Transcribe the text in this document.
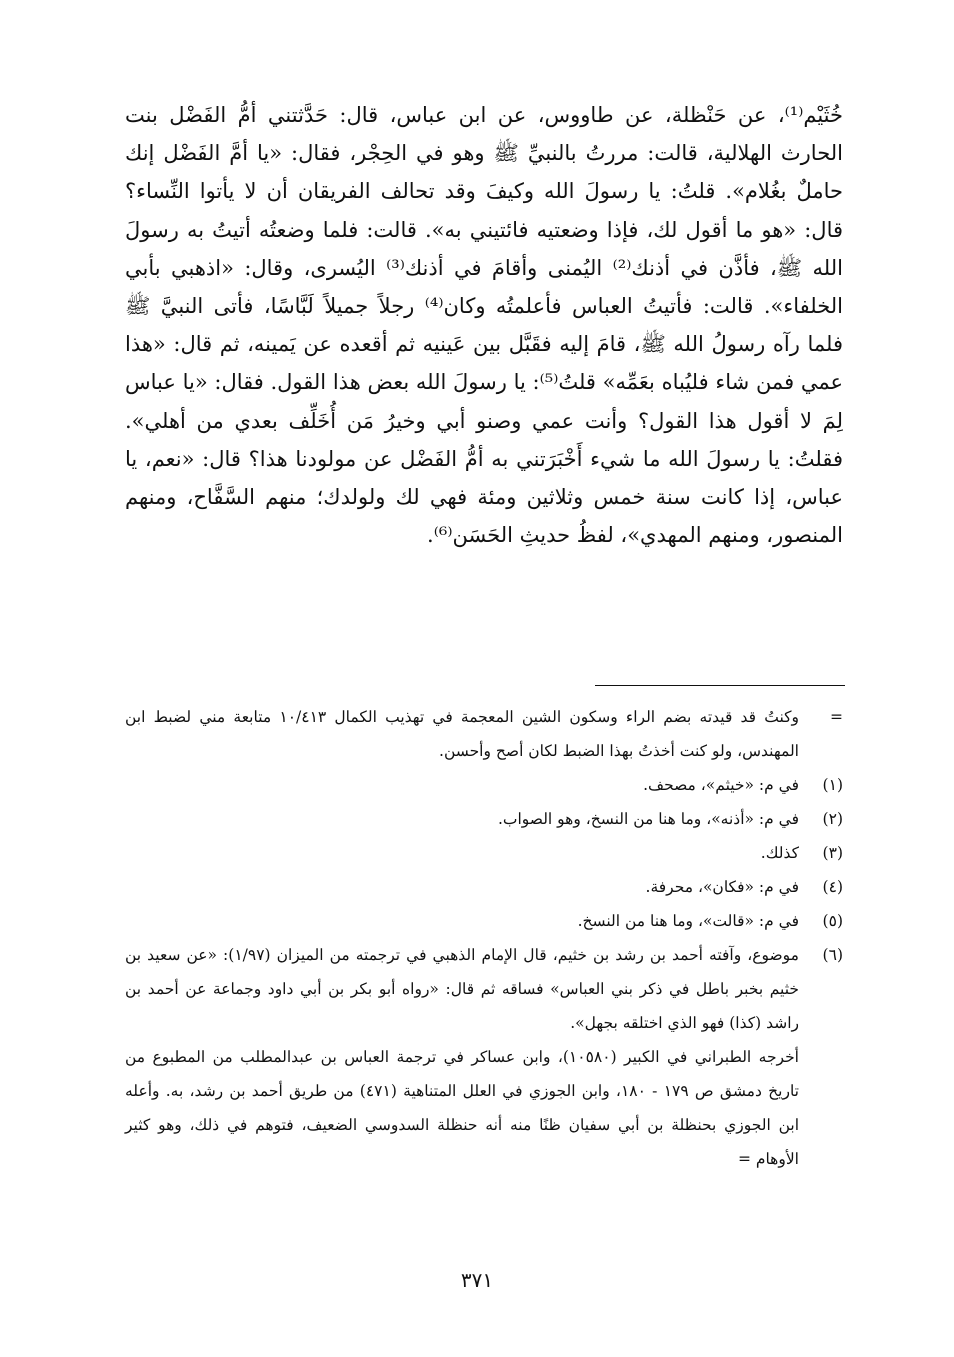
خُثَيْم⁽¹⁾، عن حَنْظلة، عن طاووس، عن ابن عباس، قال: حَدَّثتني أمُّ الفَضْل بنت الحارث الهلالية، قالت: مررتُ بالنبيِّ ﷺ وهو في الحِجْر، فقال: «يا أمَّ الفَضْل إنك حاملٌ بغُلام». قلتُ: يا رسولَ الله وكيفَ وقد تحالف الفريقان أن لا يأتوا النِّساء؟ قال: «هو ما أقول لك، فإذا وضعتيه فائتيني به». قالت: فلما وضعتُه أتيتُ به رسولَ الله ﷺ، فأذَّن في أذنك⁽²⁾ اليُمنى وأقامَ في أذنك⁽³⁾ اليُسرى، وقال: «اذهبي بأبي الخلفاء». قالت: فأتيتُ العباس فأعلمتُه وكان⁽⁴⁾ رجلاً جميلاً لَبَّاسًا، فأتى النبيَّ ﷺ فلما رآه رسولُ الله ﷺ، قامَ إليه فقَبَّل بين عَينيه ثم أقعده عن يَمينه، ثم قال: «هذا عمي فمن شاء فليُباه بعَمِّه» قلتُ⁽⁵⁾: يا رسولَ الله بعض هذا القول. فقال: «يا عباس لِمَ لا أقول هذا القول؟ وأنت عمي وصنو أبي وخيرُ مَن أُخَلِّف بعدي من أهلي». فقلتُ: يا رسولَ الله ما شيء أَخْبَرَتني به أمُّ الفَضْل عن مولودنا هذا؟ قال: «نعم، يا عباس، إذا كانت سنة خمس وثلاثين ومئة فهي لك ولولدك؛ منهم السَّفَّاح، ومنهم المنصور، ومنهم المهدي»، لفظُ حديثِ الحَسَن⁽⁶⁾.

=
وكنتُ قد قيدته بضم الراء وسكون الشين المعجمة في تهذيب الكمال ١٠/٤١٣ متابعة مني لضبط ابن المهندس، ولو كنت أخذتُ بهذا الضبط لكان أصح وأحسن.
(١)
في م: «خيثم»، مصحف.
(٢)
في م: «أذنه»، وما هنا من النسخ، وهو الصواب.
(٣)
كذلك.
(٤)
في م: «فكان»، محرفة.
(٥)
في م: «قالت»، وما هنا من النسخ.
(٦)
موضوع، وآفته أحمد بن رشد بن خثيم، قال الإمام الذهبي في ترجمته من الميزان (١/٩٧): «عن سعيد بن خثيم بخبر باطل في ذكر بني العباس» فساقه ثم قال: «رواه أبو بكر بن أبي داود وجماعة عن أحمد بن راشد (كذا) فهو الذي اختلقه بجهل».
أخرجه الطبراني في الكبير (١٠٥٨٠)، وابن عساكر في ترجمة العباس بن عبدالمطلب من المطبوع من تاريخ دمشق ص ١٧٩ - ١٨٠، وابن الجوزي في العلل المتناهية (٤٧١) من طريق أحمد بن رشد، به. وأعله ابن الجوزي بحنظلة بن أبي سفيان ظنًا منه أنه حنظلة السدوسي الضعيف، فتوهم في ذلك، وهو كثير الأوهام =
٣٧١
